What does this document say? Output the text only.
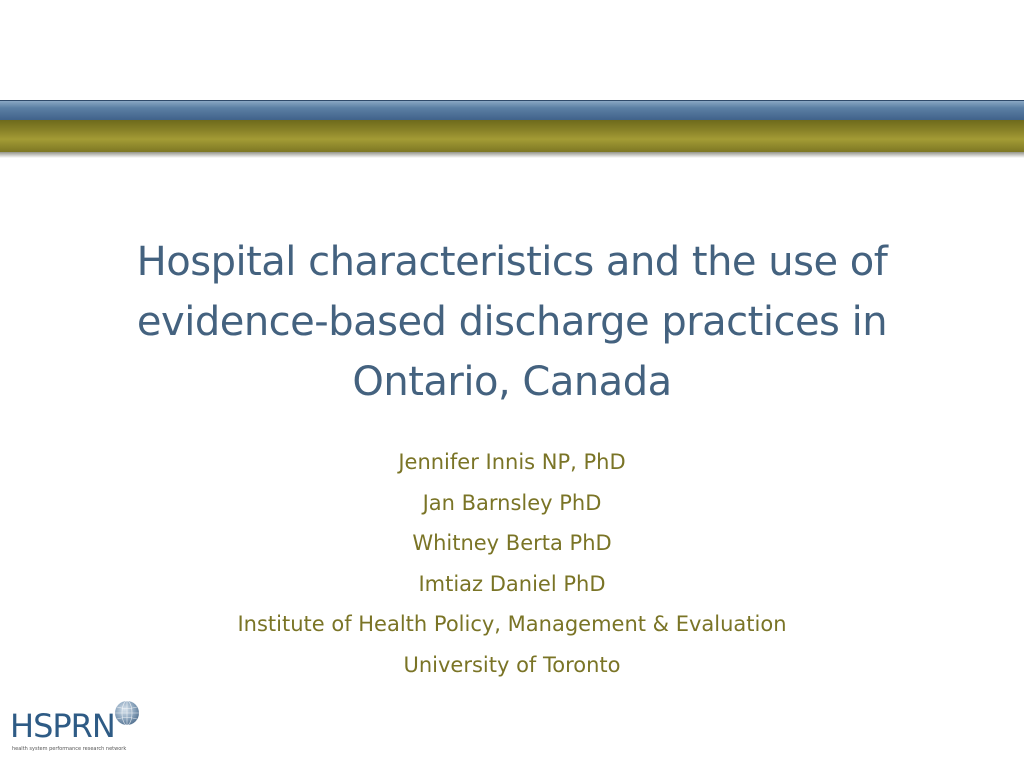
Hospital characteristics and the use of
evidence-based discharge practices in
Ontario, Canada
Jennifer Innis NP, PhD
Jan Barnsley PhD
Whitney Berta PhD
Imtiaz Daniel PhD
Institute of Health Policy, Management & Evaluation
University of Toronto
HSPRN
health system performance research network
